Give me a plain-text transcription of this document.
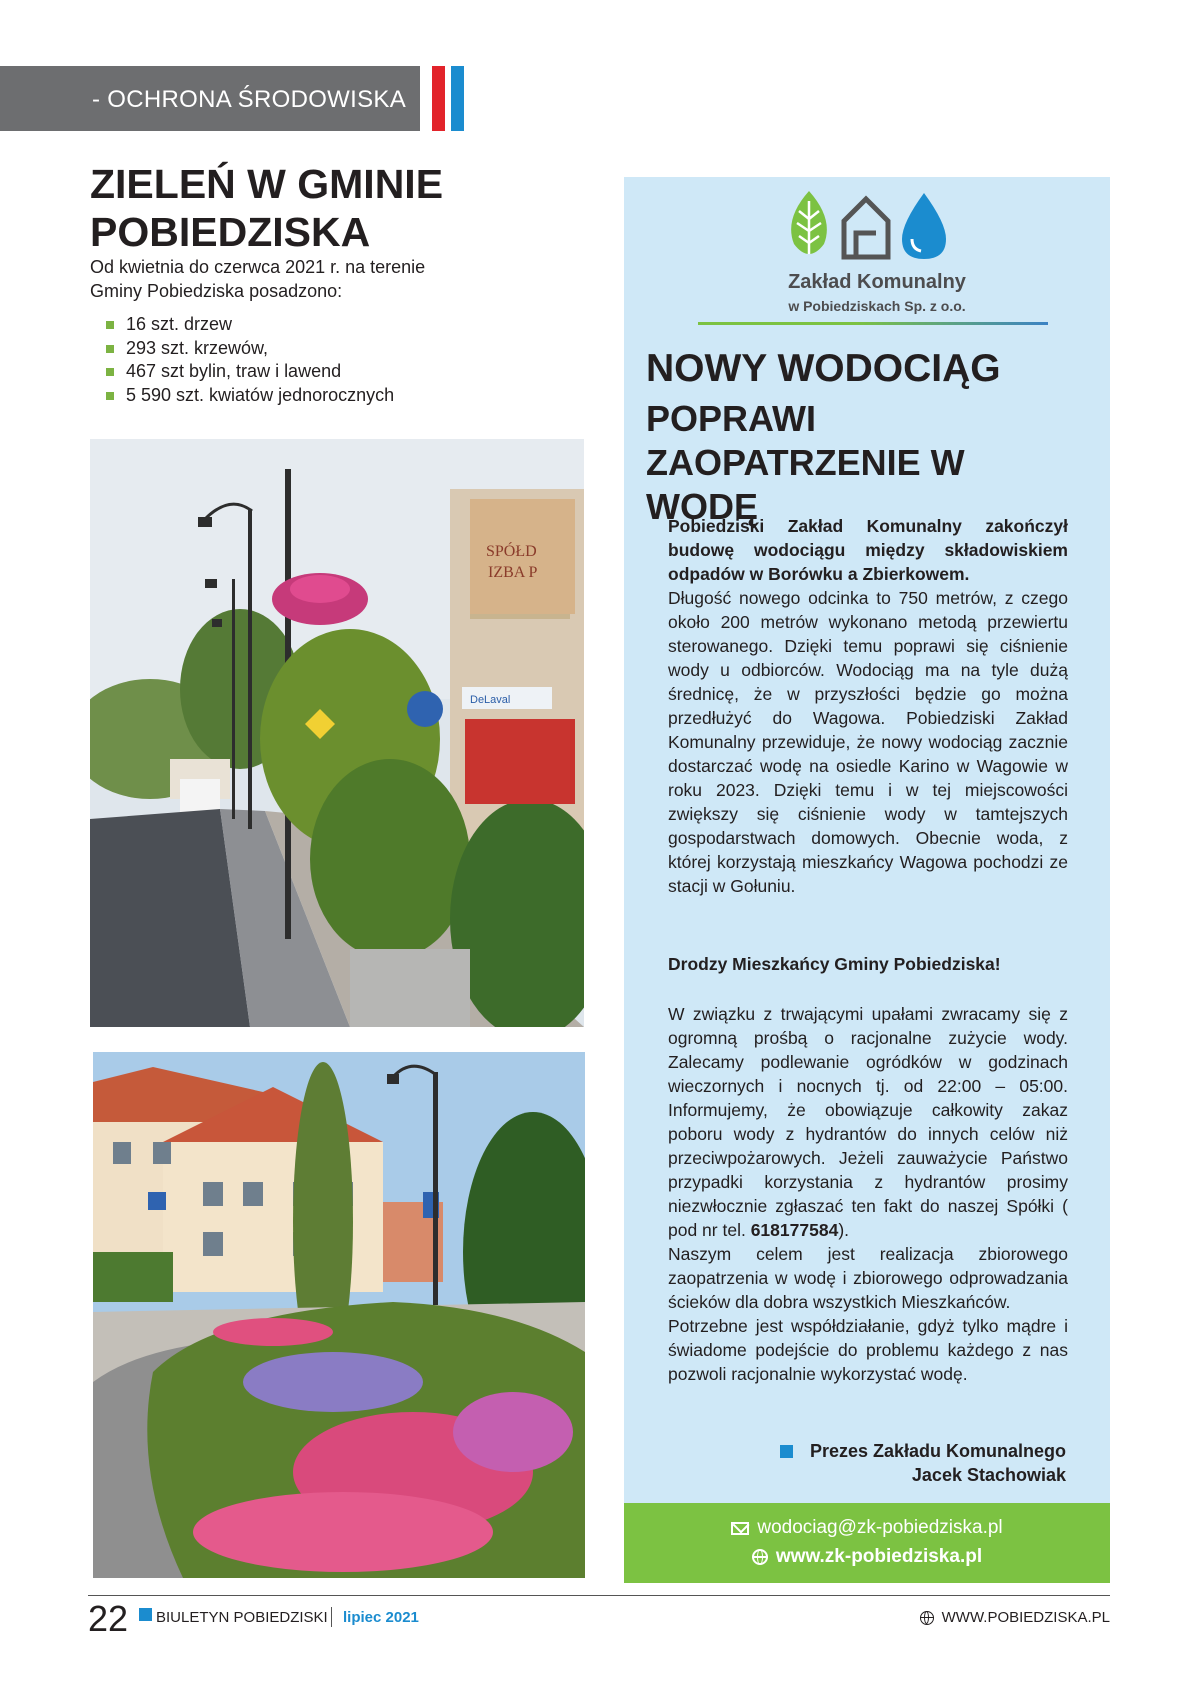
- OCHRONA ŚRODOWISKA
ZIELEŃ W GMINIE POBIEDZISKA

Od kwietnia do czerwca 2021 r. na terenie Gminy Pobiedziska posadzono:

16 szt. drzew
293 szt. krzewów,
467 szt bylin, traw i lawend
5 590 szt. kwiatów jednorocznych
SPÓŁD
IZBA P
DeLaval
Zakład Komunalny
w Pobiedziskach Sp. z o.o.
NOWY WODOCIĄG
POPRAWI ZAOPATRZENIE W WODĘ

Pobiedziski Zakład Komunalny zakończył budowę wodociągu między składowiskiem odpadów w Borówku a Zbierkowem.

Długość nowego odcinka to 750 metrów, z czego około 200 metrów wykonano metodą przewiertu sterowanego. Dzięki temu poprawi się ciśnienie wody u odbiorców. Wodociąg ma na tyle dużą średnicę, że w przyszłości będzie go można przedłużyć do Wagowa. Pobiedziski Zakład Komunalny przewiduje, że nowy wodociąg zacznie dostarczać wodę na osiedle Karino w Wagowie w roku 2023. Dzięki temu i w tej miejscowości zwiększy się ciśnienie wody w tamtejszych gospodarstwach domowych. Obecnie woda, z której korzystają mieszkańcy Wagowa pochodzi ze stacji w Gołuniu.

Drodzy Mieszkańcy Gminy Pobiedziska!

W związku z trwającymi upałami zwracamy się z ogromną prośbą o racjonalne zużycie wody. Zalecamy podlewanie ogródków w godzinach wieczornych i nocnych tj. od 22:00 – 05:00. Informujemy, że obowiązuje całkowity zakaz poboru wody z hydrantów do innych celów niż przeciwpożarowych. Jeżeli zauważycie Państwo przypadki korzystania z hydrantów prosimy niezwłocznie zgłaszać ten fakt do naszej Spółki ( pod nr tel. 618177584).
Naszym celem jest realizacja zbiorowego zaopatrzenia w wodę i zbiorowego odprowadzania ścieków dla dobra wszystkich Mieszkańców.
Potrzebne jest współdziałanie, gdyż tylko mądre i świadome podejście do problemu każdego z nas pozwoli racjonalnie wykorzystać wodę.
Prezes Zakładu Komunalnego
Jacek Stachowiak
wodociag@zk-pobiedziska.pl
www.zk-pobiedziska.pl
22 BIULETYN POBIEDZISKI lipiec 2021	WWW.POBIEDZISKA.PL
